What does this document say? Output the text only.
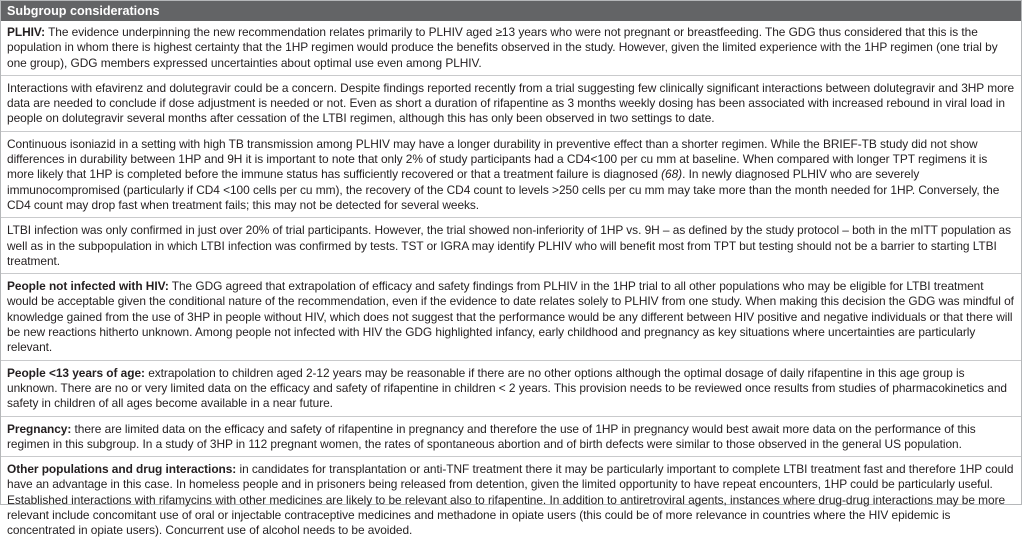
Subgroup considerations

PLHIV: The evidence underpinning the new recommendation relates primarily to PLHIV aged ≥13 years who were not pregnant or breastfeeding. The GDG thus considered that this is the population in whom there is highest certainty that the 1HP regimen would produce the benefits observed in the study. However, given the limited experience with the 1HP regimen (one trial by one group), GDG members expressed uncertainties about optimal use even among PLHIV.

Interactions with efavirenz and dolutegravir could be a concern. Despite findings reported recently from a trial suggesting few clinically significant interactions between dolutegravir and 3HP more data are needed to conclude if dose adjustment is needed or not. Even as short a duration of rifapentine as 3 months weekly dosing has been associated with increased rebound in viral load in people on dolutegravir several months after cessation of the LTBI regimen, although this has only been observed in two settings to date.

Continuous isoniazid in a setting with high TB transmission among PLHIV may have a longer durability in preventive effect than a shorter regimen. While the BRIEF-TB study did not show differences in durability between 1HP and 9H it is important to note that only 2% of study participants had a CD4<100 per cu mm at baseline. When compared with longer TPT regimens it is more likely that 1HP is completed before the immune status has sufficiently recovered or that a treatment failure is diagnosed (68). In newly diagnosed PLHIV who are severely immunocompromised (particularly if CD4 <100 cells per cu mm), the recovery of the CD4 count to levels >250 cells per cu mm may take more than the month needed for 1HP. Conversely, the CD4 count may drop fast when treatment fails; this may not be detected for several weeks.

LTBI infection was only confirmed in just over 20% of trial participants. However, the trial showed non-inferiority of 1HP vs. 9H – as defined by the study protocol – both in the mITT population as well as in the subpopulation in which LTBI infection was confirmed by tests. TST or IGRA may identify PLHIV who will benefit most from TPT but testing should not be a barrier to starting LTBI treatment.

People not infected with HIV: The GDG agreed that extrapolation of efficacy and safety findings from PLHIV in the 1HP trial to all other populations who may be eligible for LTBI treatment would be acceptable given the conditional nature of the recommendation, even if the evidence to date relates solely to PLHIV from one study. When making this decision the GDG was mindful of knowledge gained from the use of 3HP in people without HIV, which does not suggest that the performance would be any different between HIV positive and negative individuals or that there will be new reactions hitherto unknown. Among people not infected with HIV the GDG highlighted infancy, early childhood and pregnancy as key situations where uncertainties are particularly relevant.

People <13 years of age: extrapolation to children aged 2-12 years may be reasonable if there are no other options although the optimal dosage of daily rifapentine in this age group is unknown. There are no or very limited data on the efficacy and safety of rifapentine in children < 2 years. This provision needs to be reviewed once results from studies of pharmacokinetics and safety in children of all ages become available in a near future.

Pregnancy: there are limited data on the efficacy and safety of rifapentine in pregnancy and therefore the use of 1HP in pregnancy would best await more data on the performance of this regimen in this subgroup. In a study of 3HP in 112 pregnant women, the rates of spontaneous abortion and of birth defects were similar to those observed in the general US population.

Other populations and drug interactions: in candidates for transplantation or anti-TNF treatment there it may be particularly important to complete LTBI treatment fast and therefore 1HP could have an advantage in this case. In homeless people and in prisoners being released from detention, given the limited opportunity to have repeat encounters, 1HP could be particularly useful. Established interactions with rifamycins with other medicines are likely to be relevant also to rifapentine. In addition to antiretroviral agents, instances where drug-drug interactions may be more relevant include concomitant use of oral or injectable contraceptive medicines and methadone in opiate users (this could be of more relevance in countries where the HIV epidemic is concentrated in opiate users). Concurrent use of alcohol needs to be avoided.
